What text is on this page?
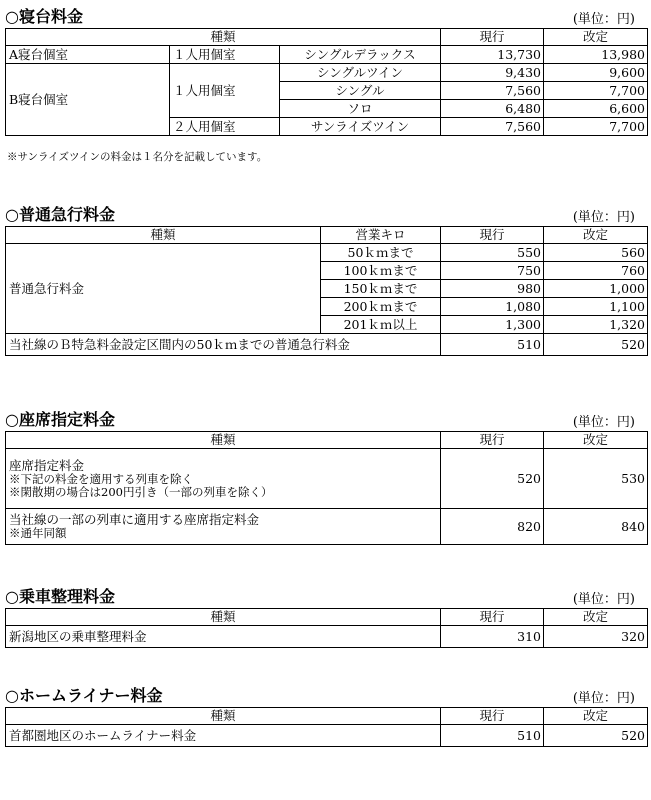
○寝台料金	(単位：円)
種類			現行	改定
A寝台個室	１人用個室	シングルデラックス	13,730	13,980
B寝台個室	１人用個室	シングルツイン	9,430	9,600
		シングル	7,560	7,700
		ソロ	6,480	6,600
	２人用個室	サンライズツイン	7,560	7,700
※サンライズツインの料金は１名分を記載しています。
○普通急行料金	(単位：円)
種類	営業キロ	現行	改定
普通急行料金	50ｋｍまで	550	560
	100ｋｍまで	750	760
	150ｋｍまで	980	1,000
	200ｋｍまで	1,080	1,100
	201ｋｍ以上	1,300	1,320
当社線のＢ特急料金設定区間内の50ｋｍまでの普通急行料金		510	520
○座席指定料金	(単位：円)
種類	現行	改定

座席指定料金
※下記の料金を適用する列車を除く
※閑散期の場合は200円引き（一部の列車を除く）	520	530

当社線の一部の列車に適用する座席指定料金
※通年同額	820	840
○乗車整理料金	(単位：円)
種類	現行	改定
新潟地区の乗車整理料金	310	320
○ホームライナー料金	(単位：円)
種類	現行	改定
首都圏地区のホームライナー料金	510	520
